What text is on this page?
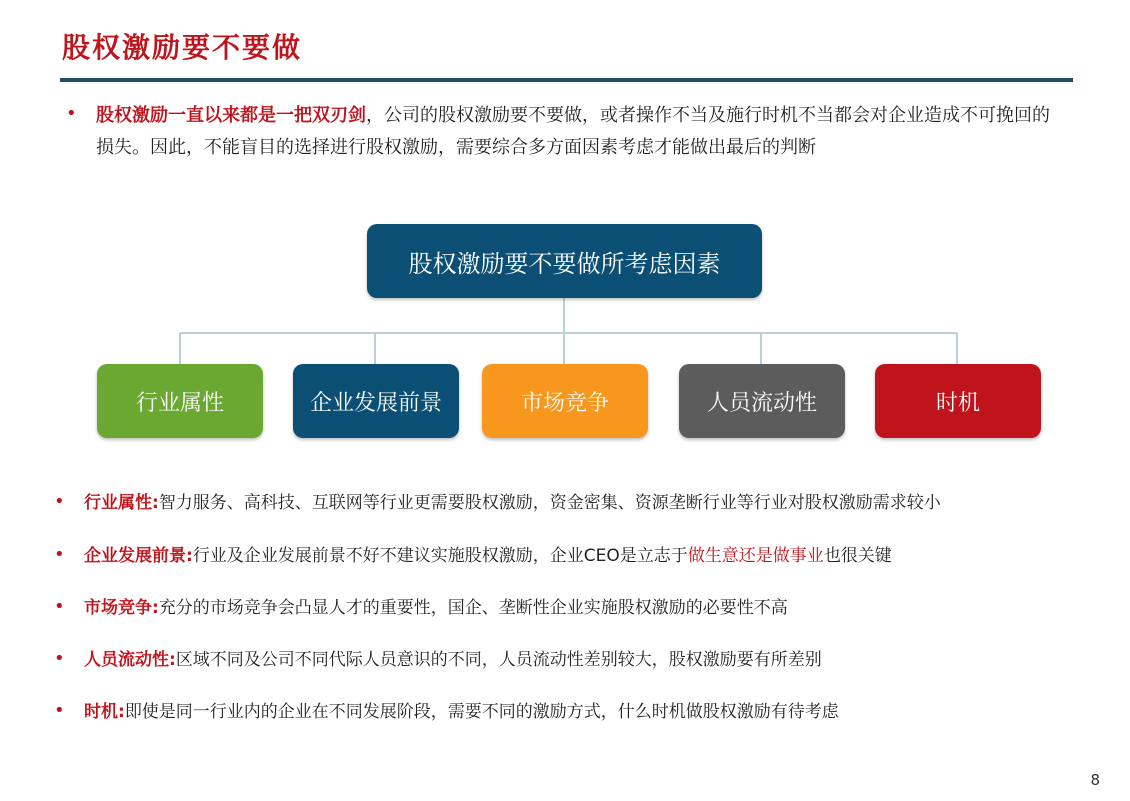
股权激励要不要做
• 股权激励一直以来都是一把双刃剑，公司的股权激励要不要做，或者操作不当及施行时机不当都会对企业造成不可挽回的损失。因此，不能盲目的选择进行股权激励，需要综合多方面因素考虑才能做出最后的判断
股权激励要不要做所考虑因素
行业属性	企业发展前景	市场竞争	人员流动性	时机
• 行业属性:智力服务、高科技、互联网等行业更需要股权激励，资金密集、资源垄断行业等行业对股权激励需求较小
• 企业发展前景:行业及企业发展前景不好不建议实施股权激励，企业CEO是立志于做生意还是做事业也很关键
• 市场竞争:充分的市场竞争会凸显人才的重要性，国企、垄断性企业实施股权激励的必要性不高
• 人员流动性:区域不同及公司不同代际人员意识的不同，人员流动性差别较大，股权激励要有所差别
• 时机:即使是同一行业内的企业在不同发展阶段，需要不同的激励方式，什么时机做股权激励有待考虑
8
